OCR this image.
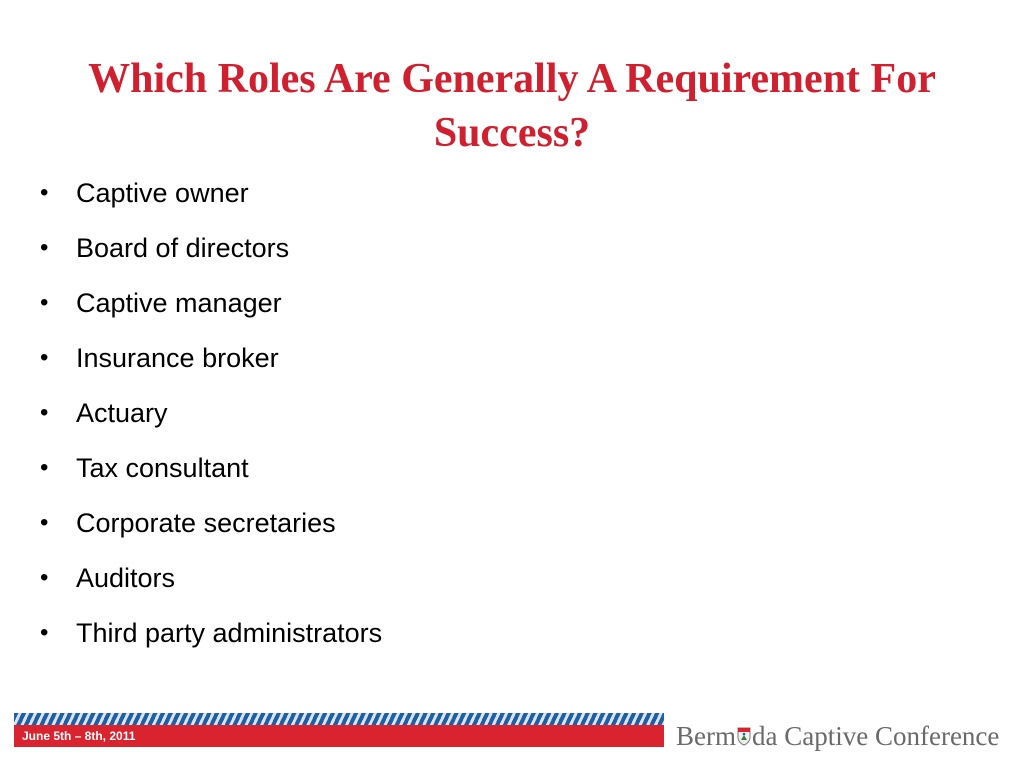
Which Roles Are Generally A Requirement For Success?
• Captive owner
• Board of directors
• Captive manager
• Insurance broker
• Actuary
• Tax consultant
• Corporate secretaries
• Auditors
• Third party administrators
June 5th – 8th, 2011	Berm da Captive Conference
